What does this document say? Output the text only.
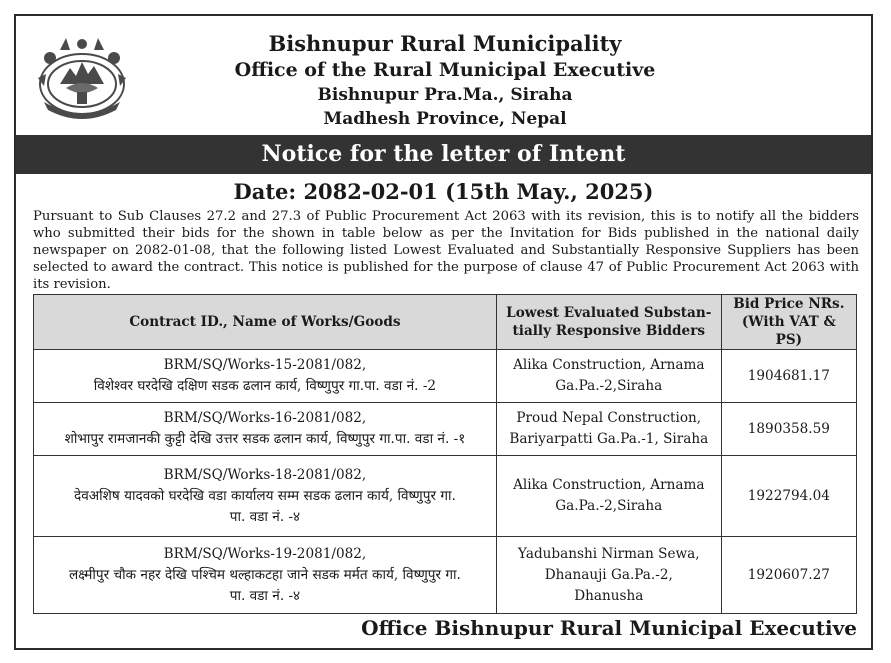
Bishnupur Rural Municipality
Office of the Rural Municipal Executive
Bishnupur Pra.Ma., Siraha
Madhesh Province, Nepal
Notice for the letter of Intent
Date: 2082-02-01 (15th May., 2025)
Pursuant to Sub Clauses 27.2 and 27.3 of Public Procurement Act 2063 with its revision, this is to notify all the bidders who submitted their bids for the shown in table below as per the Invitation for Bids published in the national daily newspaper on 2082-01-08, that the following listed Lowest Evaluated and Substantially Responsive Suppliers has been selected to award the contract. This notice is published for the purpose of clause 47 of Public Procurement Act 2063 with its revision.
Contract ID., Name of Works/Goods	Lowest Evaluated Substan-
tially Responsive Bidders	Bid Price NRs.
(With VAT & PS)

BRM/SQ/Works-15-2081/082,
विशेश्वर घरदेखि दक्षिण सडक ढलान कार्य, विष्णुपुर गा.पा. वडा नं. -2	Alika Construction, Arnama
Ga.Pa.-2,Siraha	1904681.17

BRM/SQ/Works-16-2081/082,
शोभापुर रामजानकी कुट्टी देखि उत्तर सडक ढलान कार्य, विष्णुपुर गा.पा. वडा नं. -१	Proud Nepal Construction,
Bariyarpatti Ga.Pa.-1, Siraha	1890358.59

BRM/SQ/Works-18-2081/082,
देवअशिष यादवको घरदेखि वडा कार्यालय सम्म सडक ढलान कार्य, विष्णुपुर गा.
पा. वडा नं. -४	Alika Construction, Arnama
Ga.Pa.-2,Siraha	1922794.04

BRM/SQ/Works-19-2081/082,
लक्ष्मीपुर चौक नहर देखि पश्चिम थल्हाकटहा जाने सडक मर्मत कार्य, विष्णुपुर गा.
पा. वडा नं. -४	Yadubanshi Nirman Sewa,
Dhanauji Ga.Pa.-2,
Dhanusha	1920607.27
Office Bishnupur Rural Municipal Executive
